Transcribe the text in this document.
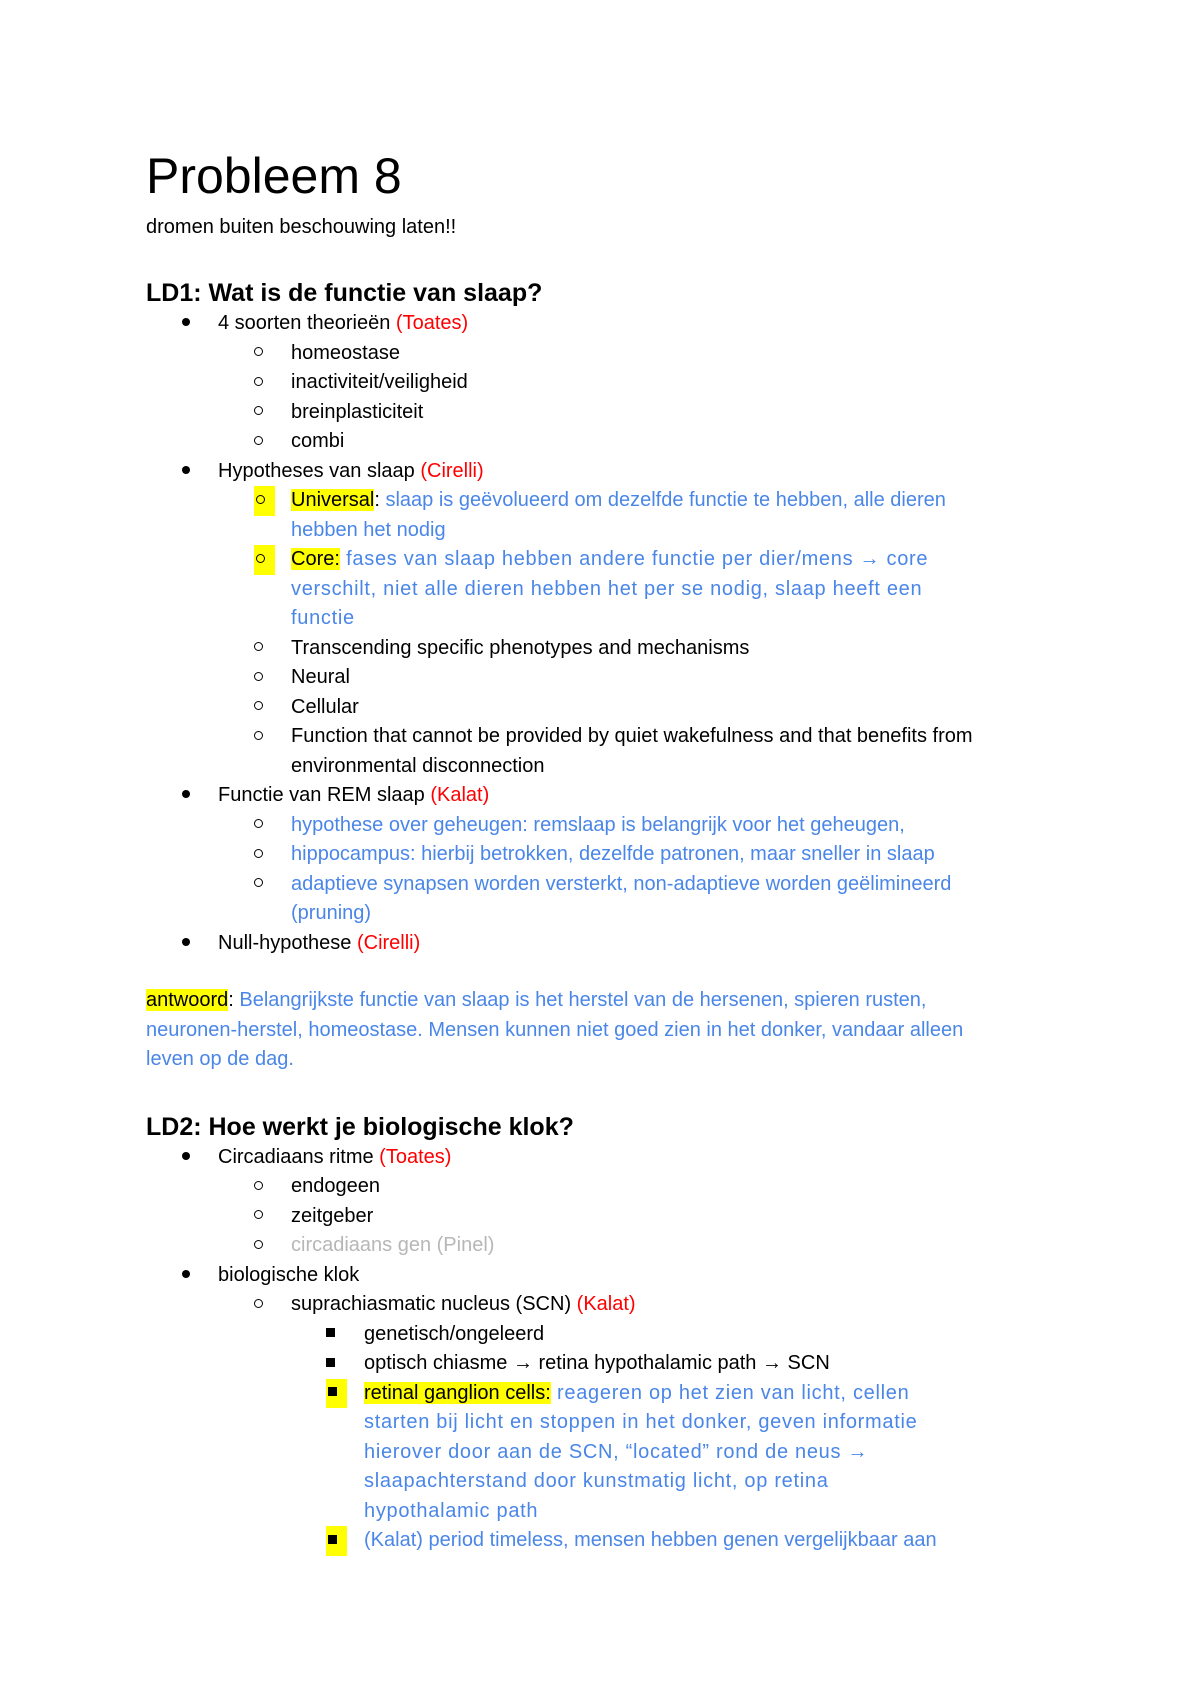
Probleem 8
dromen buiten beschouwing laten!!
LD1: Wat is de functie van slaap?
4 soorten theorieën (Toates)
homeostase
inactiviteit/veiligheid
breinplasticiteit
combi
Hypotheses van slaap (Cirelli)
Universal: slaap is geëvolueerd om dezelfde functie te hebben, alle dieren
hebben het nodig
Core: fases van slaap hebben andere functie per dier/mens → core
verschilt, niet alle dieren hebben het per se nodig, slaap heeft een
functie
Transcending specific phenotypes and mechanisms
Neural
Cellular
Function that cannot be provided by quiet wakefulness and that benefits from
environmental disconnection
Functie van REM slaap (Kalat)
hypothese over geheugen: remslaap is belangrijk voor het geheugen,
hippocampus: hierbij betrokken, dezelfde patronen, maar sneller in slaap
adaptieve synapsen worden versterkt, non-adaptieve worden geëlimineerd
(pruning)
Null-hypothese (Cirelli)
antwoord: Belangrijkste functie van slaap is het herstel van de hersenen, spieren rusten,
neuronen-herstel, homeostase. Mensen kunnen niet goed zien in het donker, vandaar alleen
leven op de dag.
LD2: Hoe werkt je biologische klok?
Circadiaans ritme (Toates)
endogeen
zeitgeber
circadiaans gen (Pinel)
biologische klok
suprachiasmatic nucleus (SCN) (Kalat)
genetisch/ongeleerd
optisch chiasme → retina hypothalamic path → SCN
retinal ganglion cells: reageren op het zien van licht, cellen
starten bij licht en stoppen in het donker, geven informatie
hierover door aan de SCN, “located” rond de neus →
slaapachterstand door kunstmatig licht, op retina
hypothalamic path
(Kalat) period timeless, mensen hebben genen vergelijkbaar aan
